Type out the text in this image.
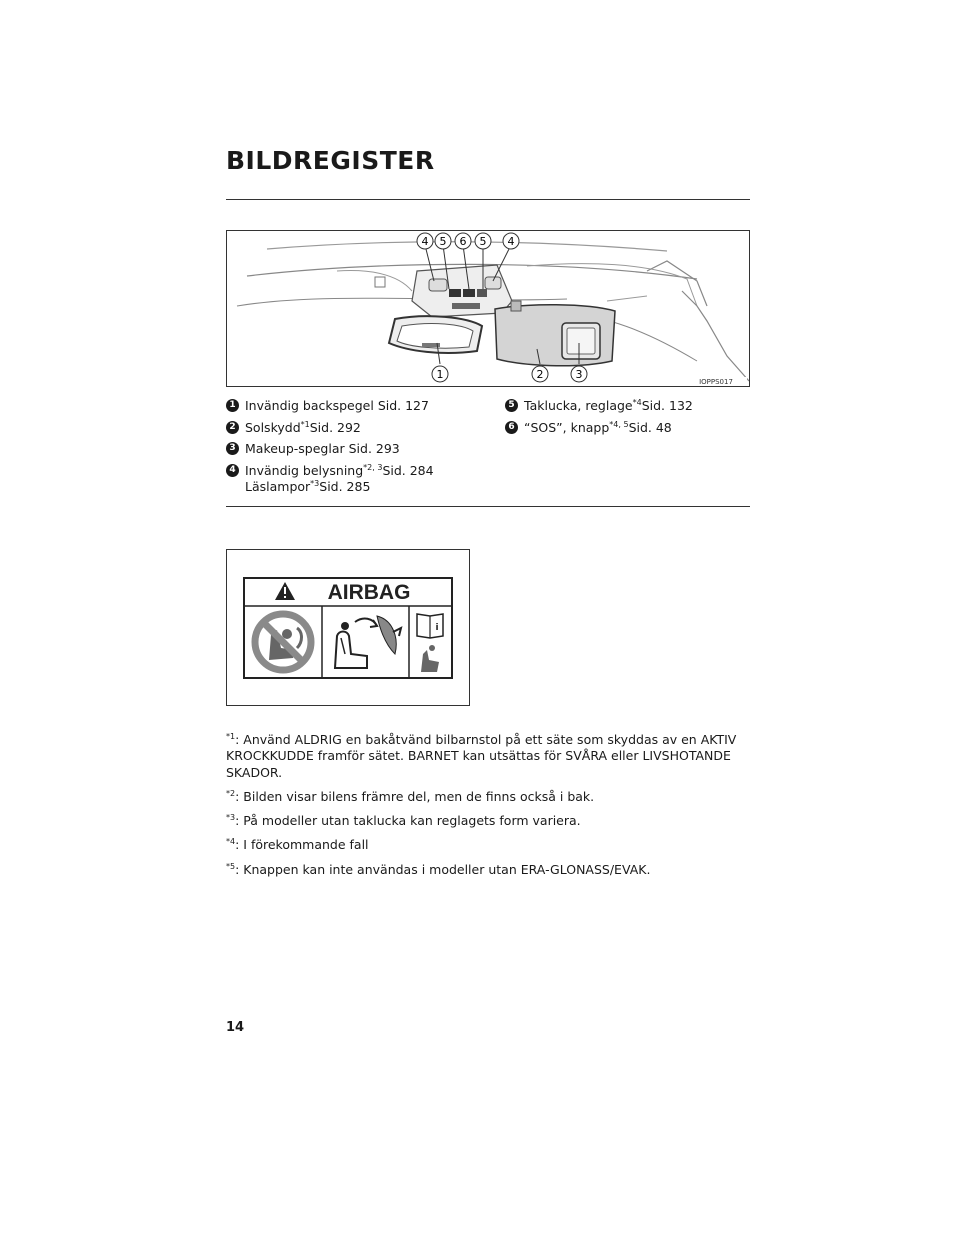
BILDREGISTER
4 5 6 5 4
1	2	3
IOPPS017
1 Invändig backspegel Sid. 127
2 Solskydd$^{*1}$Sid. 292
3 Makeup-speglar Sid. 293
4 Invändig belysning$^{*2, 3}$Sid. 284
Läslampor$^{*3}$Sid. 285
5 Taklucka, reglage$^{*4}$Sid. 132
6 “SOS”, knapp$^{*4, 5}$Sid. 48
AIRBAG
i

$^{*1}$: Använd ALDRIG en bakåtvänd bilbarnstol på ett säte som skyddas av en AKTIV KROCKKUDDE framför sätet. BARNET kan utsättas för SVÅRA eller LIVSHOTANDE SKADOR.

$^{*2}$: Bilden visar bilens främre del, men de finns också i bak.

$^{*3}$: På modeller utan taklucka kan reglagets form variera.

$^{*4}$: I förekommande fall

$^{*5}$: Knappen kan inte användas i modeller utan ERA-GLONASS/EVAK.

14
